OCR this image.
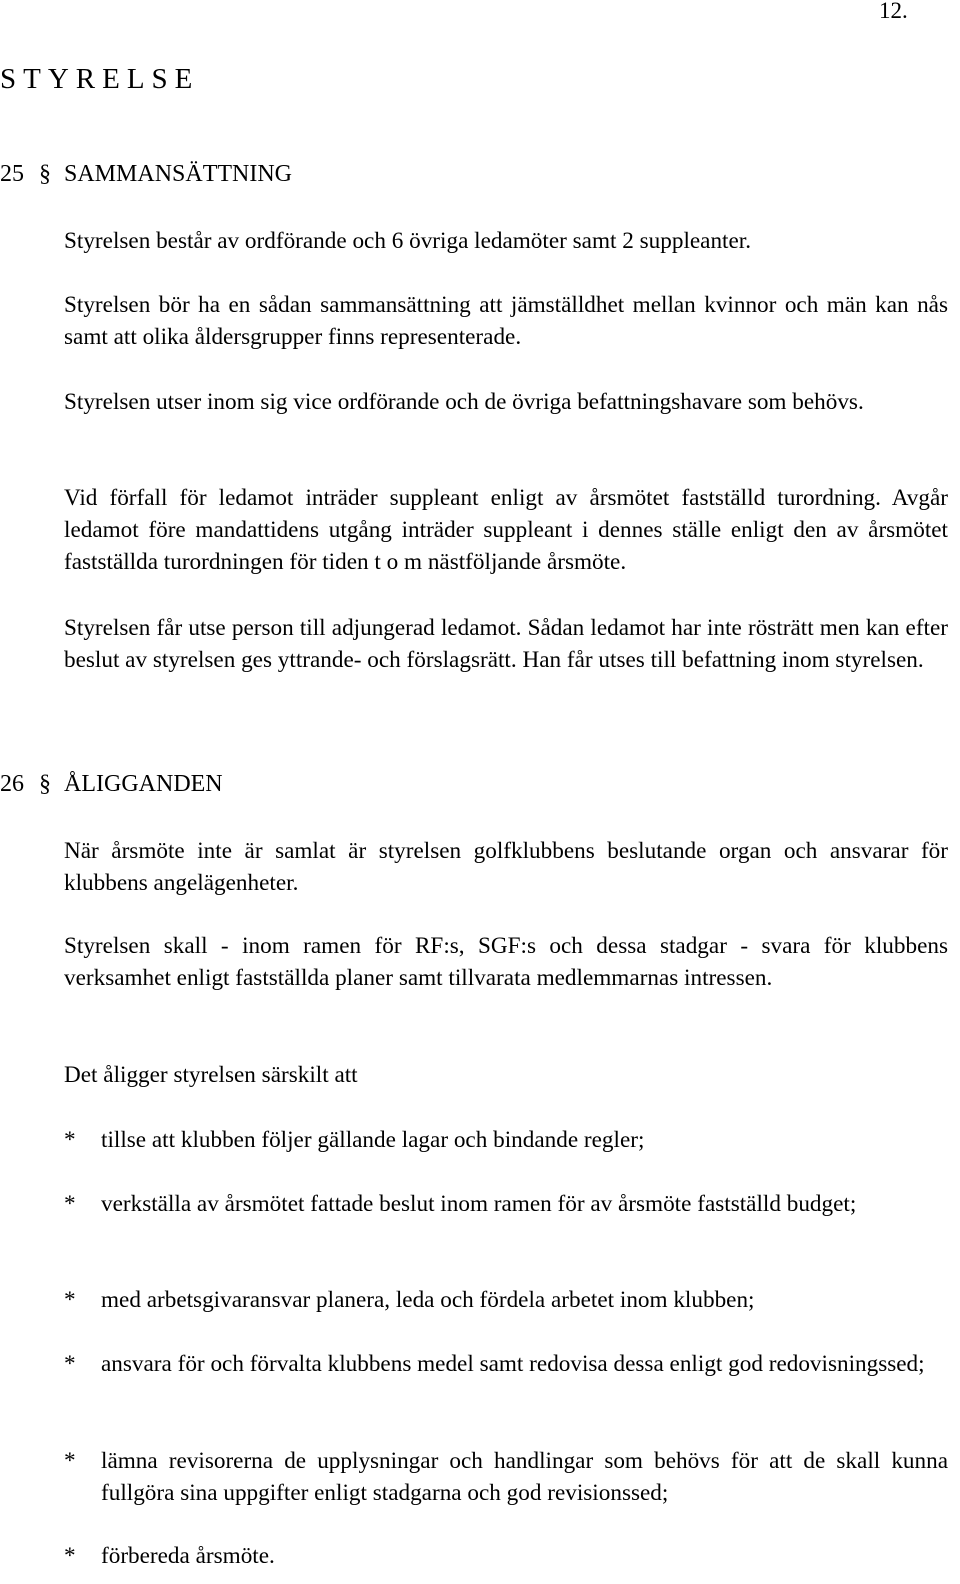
12.
STYRELSE
25 § SAMMANSÄTTNING

Styrelsen består av ordförande och 6 övriga ledamöter samt 2 suppleanter.

Styrelsen bör ha en sådan sammansättning att jämställdhet mellan kvinnor och män kan nås samt att olika åldersgrupper finns representerade.

Styrelsen utser inom sig vice ordförande och de övriga befattningshavare som behövs.

Vid förfall för ledamot inträder suppleant enligt av årsmötet fastställd turordning. Avgår ledamot före mandattidens utgång inträder suppleant i dennes ställe enligt den av årsmötet fastställda turordningen för tiden t o m nästföljande årsmöte.

Styrelsen får utse person till adjungerad ledamot. Sådan ledamot har inte rösträtt men kan efter beslut av styrelsen ges yttrande- och förslagsrätt. Han får utses till befattning inom styrelsen.

26 § ÅLIGGANDEN

När årsmöte inte är samlat är styrelsen golfklubbens beslutande organ och ansvarar för klubbens angelägenheter.

Styrelsen skall - inom ramen för RF:s, SGF:s och dessa stadgar - svara för klubbens verksamhet enligt fastställda planer samt tillvarata medlemmarnas intressen.

Det åligger styrelsen särskilt att

* tillse att klubben följer gällande lagar och bindande regler;
* verkställa av årsmötet fattade beslut inom ramen för av årsmöte fastställd budget;
* med arbetsgivaransvar planera, leda och fördela arbetet inom klubben;
* ansvara för och förvalta klubbens medel samt redovisa dessa enligt god redovisningssed;
* lämna revisorerna de upplysningar och handlingar som behövs för att de skall kunna fullgöra sina uppgifter enligt stadgarna och god revisionssed;
* förbereda årsmöte.
